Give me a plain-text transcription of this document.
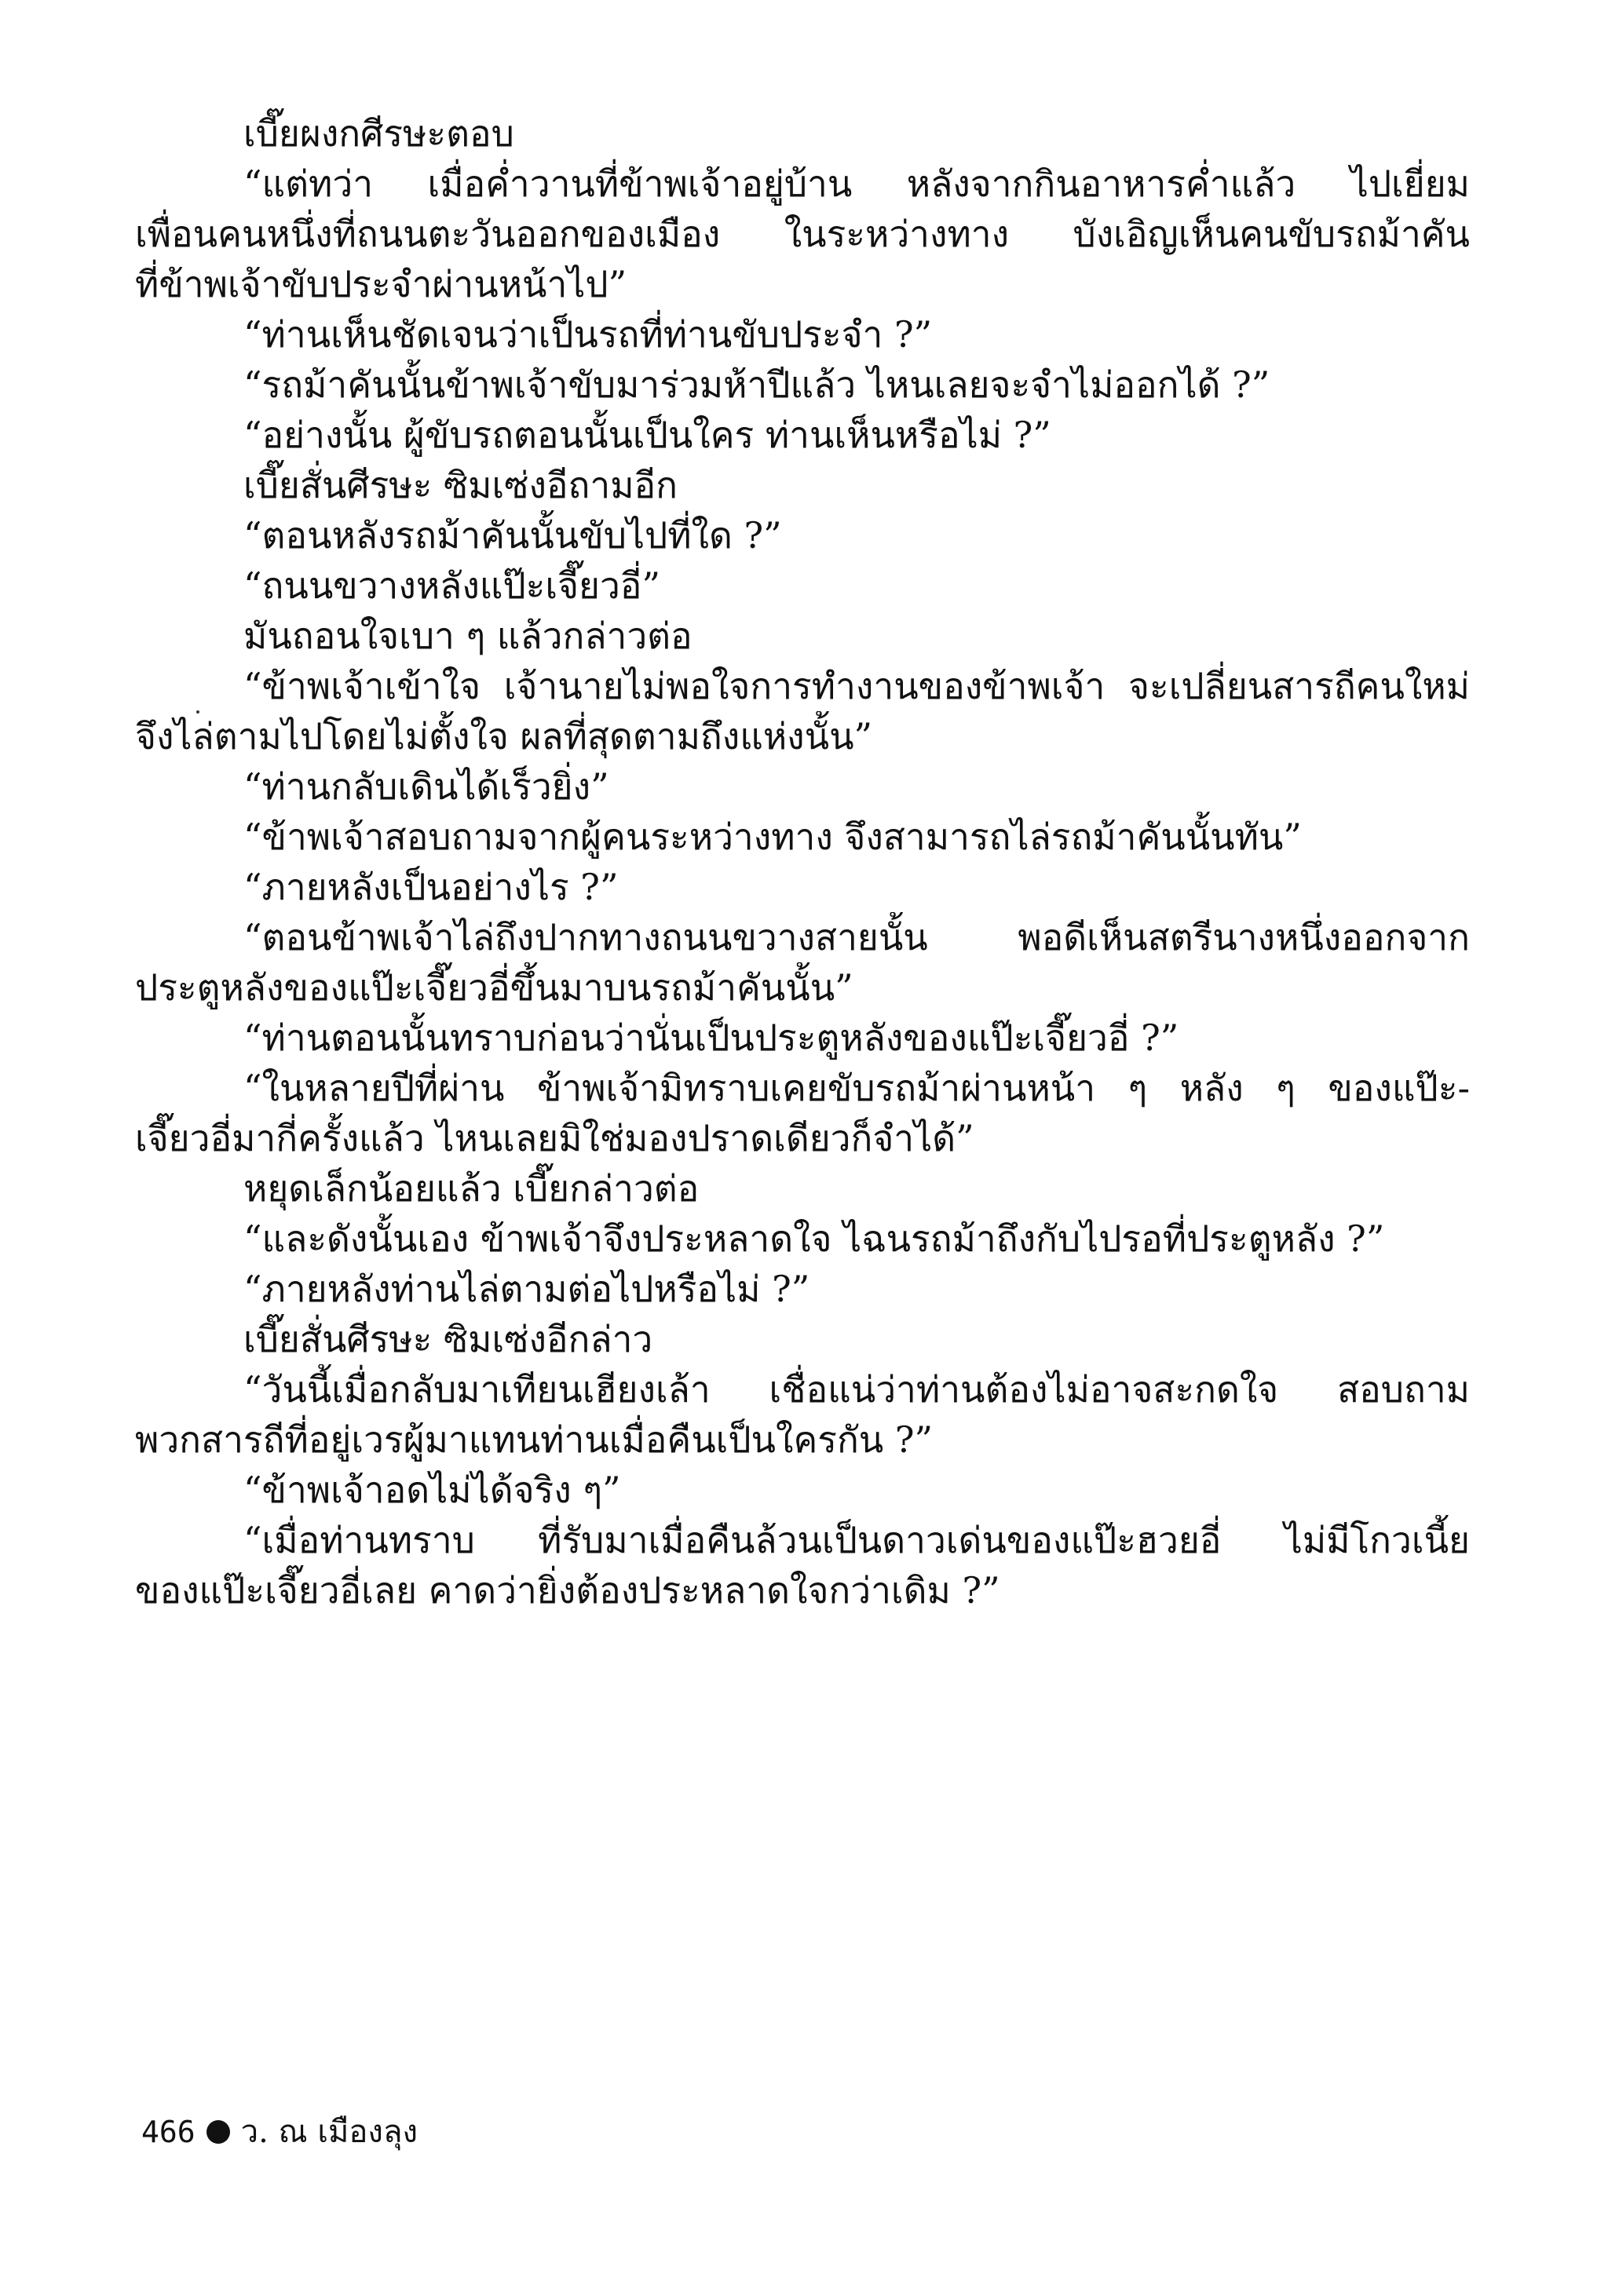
เบี๊ยผงกศีรษะตอบ
“แต่ทว่า เมื่อค่ำวานที่ข้าพเจ้าอยู่บ้าน หลังจากกินอาหารค่ำแล้ว ไปเยี่ยม
เพื่อนคนหนึ่งที่ถนนตะวันออกของเมือง ในระหว่างทาง บังเอิญเห็นคนขับรถม้าคัน
ที่ข้าพเจ้าขับประจำผ่านหน้าไป”
“ท่านเห็นชัดเจนว่าเป็นรถที่ท่านขับประจำ ?”
“รถม้าคันนั้นข้าพเจ้าขับมาร่วมห้าปีแล้ว ไหนเลยจะจำไม่ออกได้ ?”
“อย่างนั้น ผู้ขับรถตอนนั้นเป็นใคร ท่านเห็นหรือไม่ ?”
เบี๊ยสั่นศีรษะ ซิมเซ่งอีถามอีก
“ตอนหลังรถม้าคันนั้นขับไปที่ใด ?”
“ถนนขวางหลังแป๊ะเจี๊ยวอี่”
มันถอนใจเบา ๆ แล้วกล่าวต่อ
“ข้าพเจ้าเข้าใจ เจ้านายไม่พอใจการทำงานของข้าพเจ้า จะเปลี่ยนสารถีคนใหม่
จึงไล่ตามไปโดยไม่ตั้งใจ ผลที่สุดตามถึงแห่งนั้น”
“ท่านกลับเดินได้เร็วยิ่ง”
“ข้าพเจ้าสอบถามจากผู้คนระหว่างทาง จึงสามารถไล่รถม้าคันนั้นทัน”
“ภายหลังเป็นอย่างไร ?”
“ตอนข้าพเจ้าไล่ถึงปากทางถนนขวางสายนั้น พอดีเห็นสตรีนางหนึ่งออกจาก
ประตูหลังของแป๊ะเจี๊ยวอี่ขึ้นมาบนรถม้าคันนั้น”
“ท่านตอนนั้นทราบก่อนว่านั่นเป็นประตูหลังของแป๊ะเจี๊ยวอี่ ?”
“ในหลายปีที่ผ่าน ข้าพเจ้ามิทราบเคยขับรถม้าผ่านหน้า ๆ หลัง ๆ ของแป๊ะ-
เจี๊ยวอี่มากี่ครั้งแล้ว ไหนเลยมิใช่มองปราดเดียวก็จำได้”
หยุดเล็กน้อยแล้ว เบี๊ยกล่าวต่อ
“และดังนั้นเอง ข้าพเจ้าจึงประหลาดใจ ไฉนรถม้าถึงกับไปรอที่ประตูหลัง ?”
“ภายหลังท่านไล่ตามต่อไปหรือไม่ ?”
เบี๊ยสั่นศีรษะ ซิมเซ่งอีกล่าว
“วันนี้เมื่อกลับมาเทียนเฮียงเล้า เชื่อแน่ว่าท่านต้องไม่อาจสะกดใจ สอบถาม
พวกสารถีที่อยู่เวรผู้มาแทนท่านเมื่อคืนเป็นใครกัน ?”
“ข้าพเจ้าอดไม่ได้จริง ๆ”
“เมื่อท่านทราบ ที่รับมาเมื่อคืนล้วนเป็นดาวเด่นของแป๊ะฮวยอี่ ไม่มีโกวเนี้ย
ของแป๊ะเจี๊ยวอี่เลย คาดว่ายิ่งต้องประหลาดใจกว่าเดิม ?”
466 ว. ณ เมืองลุง
